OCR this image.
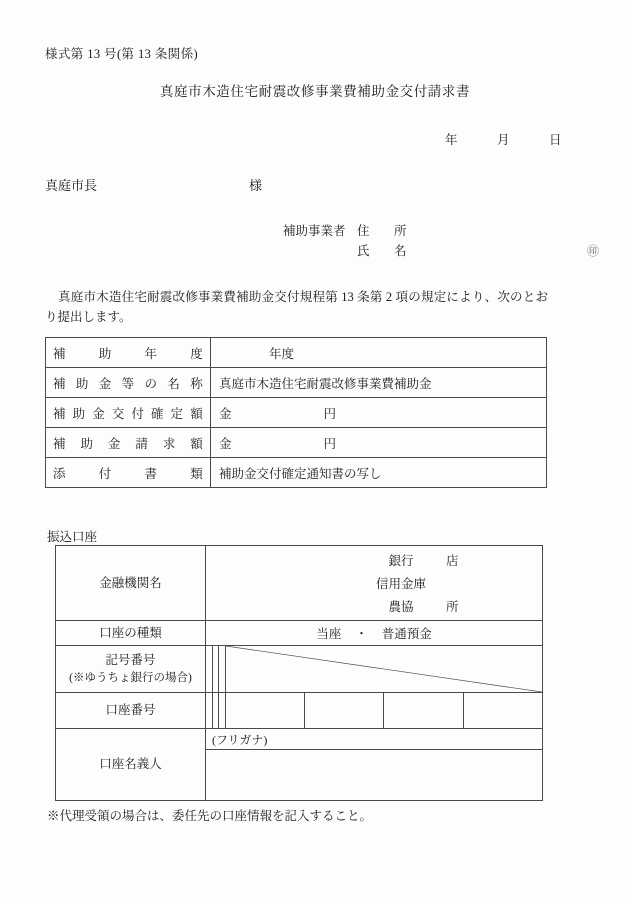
様式第 13 号(第 13 条関係)
真庭市木造住宅耐震改修事業費補助金交付請求書
年	月	日
真庭市長	様
補助事業者 住　所
氏　名	㊞
真庭市木造住宅耐震改修事業費補助金交付規程第 13 条第 2 項の規定により、次のとおり提出します。
補 助 年 度	年度

補 助 金 等 の 名 称	真庭市木造住宅耐震改修事業費補助金

補 助 金 交 付 確 定 額	金	円

補 助 金 請 求 額	金	円

添 付 書 類	補助金交付確定通知書の写し
振込口座
金融機関名	銀行 店
信用金庫
農協 所						

口座の種類	当座 ・ 普通預金						

記号番号
(※ゆうちょ銀行の場合)				

口座番号							
口座名義人	(フリガナ)						

※代理受領の場合は、委任先の口座情報を記入すること。
